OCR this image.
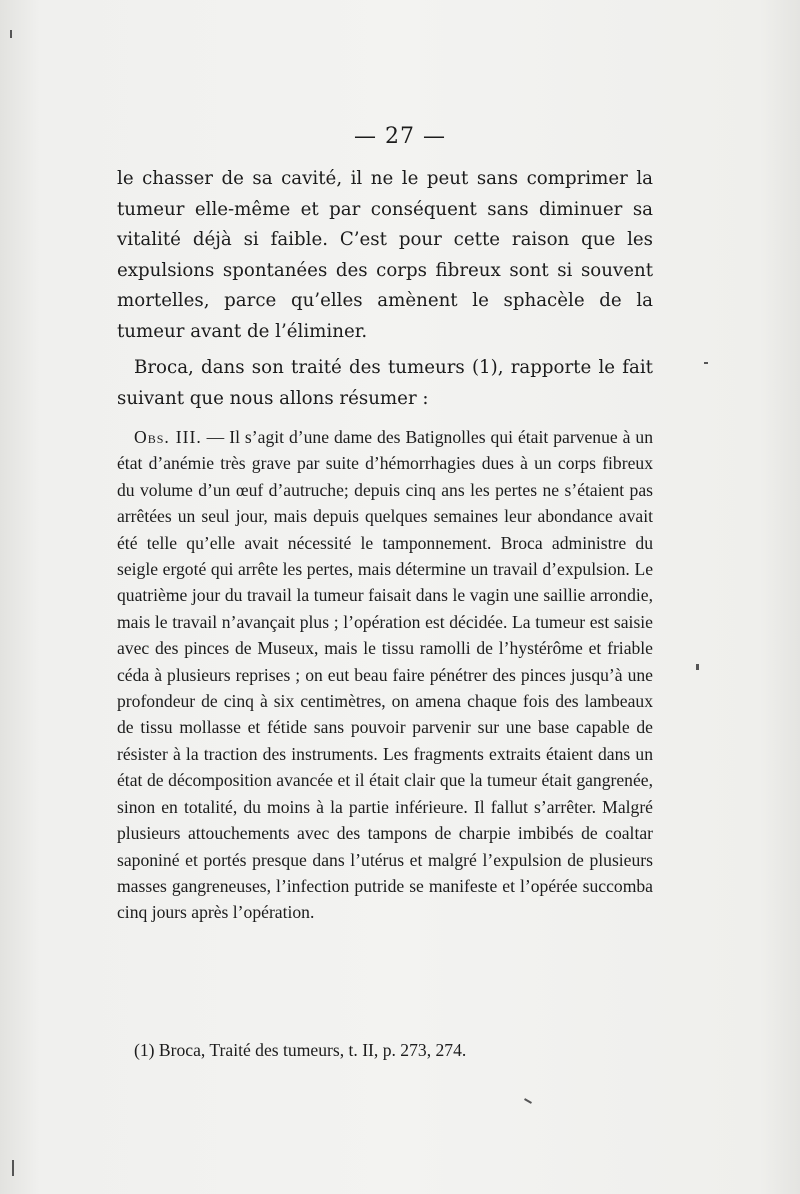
— 27 —

le chasser de sa cavité, il ne le peut sans comprimer la tumeur elle-même et par conséquent sans diminuer sa vitalité déjà si faible. C’est pour cette raison que les expulsions spontanées des corps fibreux sont si souvent mortelles, parce qu’elles amènent le sphacèle de la tumeur avant de l’éliminer.

Broca, dans son traité des tumeurs (1), rapporte le fait suivant que nous allons résumer :

Obs. III. — Il s’agit d’une dame des Batignolles qui était parvenue à un état d’anémie très grave par suite d’hémorrhagies dues à un corps fibreux du volume d’un œuf d’autruche; depuis cinq ans les pertes ne s’étaient pas arrêtées un seul jour, mais depuis quelques semaines leur abondance avait été telle qu’elle avait nécessité le tamponnement. Broca administre du seigle ergoté qui arrête les pertes, mais détermine un travail d’expulsion. Le quatrième jour du travail la tumeur faisait dans le vagin une saillie arrondie, mais le travail n’avançait plus ; l’opération est décidée. La tumeur est saisie avec des pinces de Museux, mais le tissu ramolli de l’hystérôme et friable céda à plusieurs reprises ; on eut beau faire pénétrer des pinces jusqu’à une profondeur de cinq à six centimètres, on amena chaque fois des lambeaux de tissu mollasse et fétide sans pouvoir parvenir sur une base capable de résister à la traction des instruments. Les fragments extraits étaient dans un état de décomposition avancée et il était clair que la tumeur était gangrenée, sinon en totalité, du moins à la partie inférieure. Il fallut s’arrêter. Malgré plusieurs attouchements avec des tampons de charpie imbibés de coaltar saponiné et portés presque dans l’utérus et malgré l’expulsion de plusieurs masses gangreneuses, l’infection putride se manifeste et l’opérée succomba cinq jours après l’opération.

(1) Broca, Traité des tumeurs, t. II, p. 273, 274.
